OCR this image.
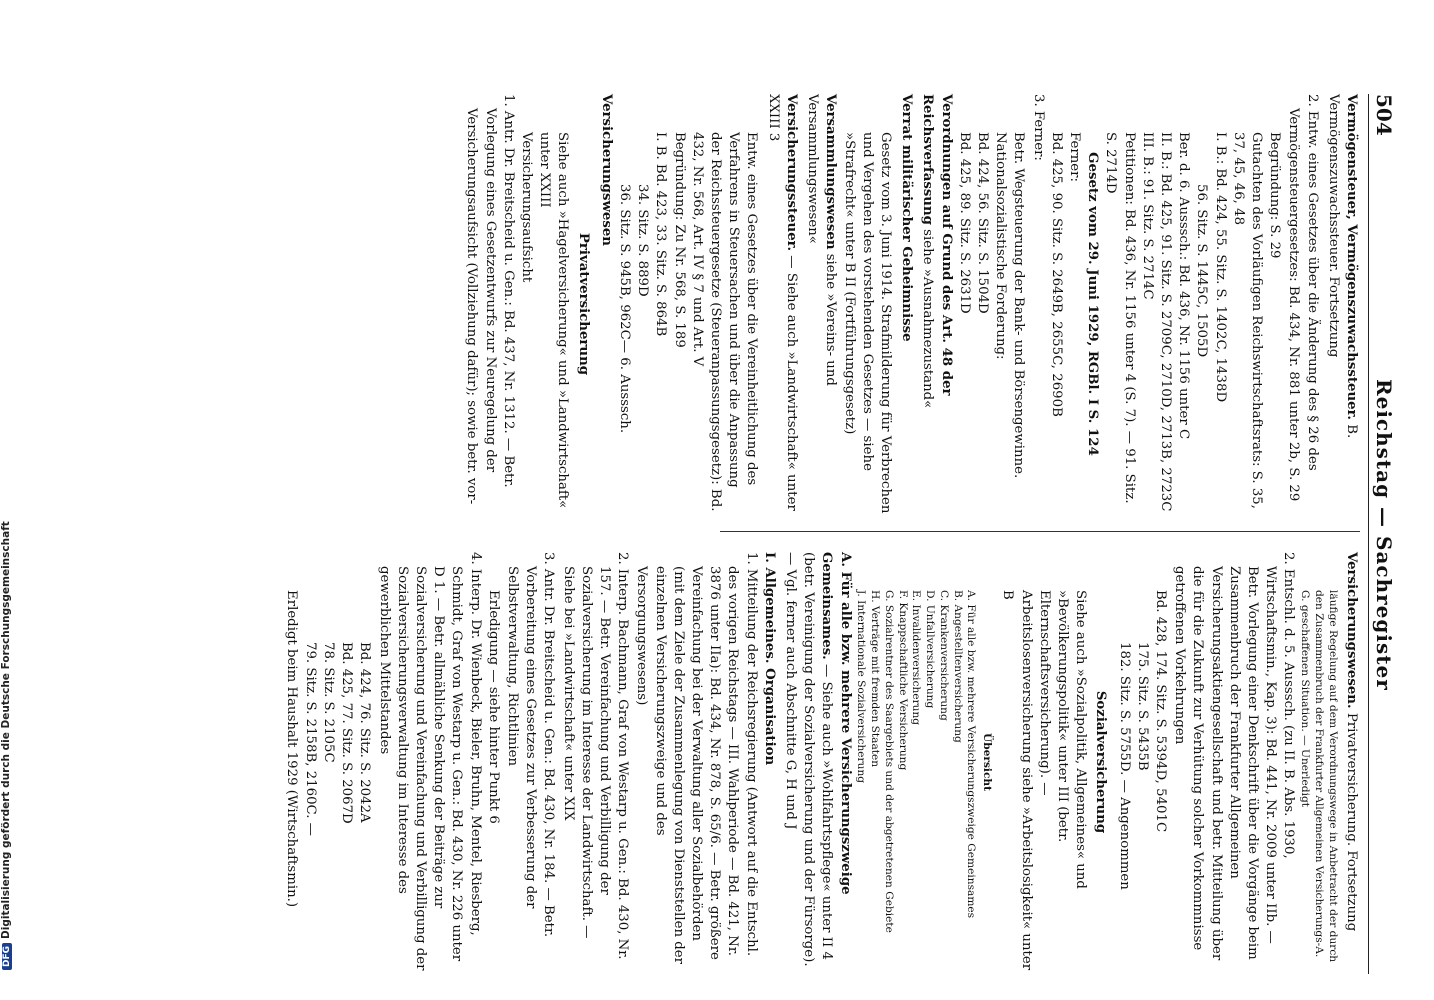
504
Reichstag — Sachregister
Vermögensteuer, Vermögenszuwachssteuer. B. Vermögenszuwachssteuer. Fortsetzung
2. Entw. eines Gesetzes über die Änderung des § 26 des Vermögensteuergesetzes: Bd. 434, Nr. 881 unter 2b, S. 29
Begründung: S. 29
Gutachten des Vorläufigen Reichswirtschaftsrats: S. 35, 37, 45, 46, 48
I. B.: Bd. 424, 55. Sitz. S. 1402C, 1438D
56. Sitz. S. 1445C, 1505D
Ber. d. 6. Ausssch.: Bd. 436, Nr. 1156 unter C
II. B.: Bd. 425, 91. Sitz. S. 2709C, 2710D, 2713B, 2723C
III. B.: 91. Sitz. S. 2714C
Petitionen: Bd. 436, Nr. 1156 unter 4 (S. 7). — 91. Sitz. S. 2714D
Gesetz vom 29. Juni 1929, RGBl. I S. 124
Ferner:
Bd. 425, 90. Sitz. S. 2649B, 2655C, 2690B
3. Ferner:
Betr. Wegsteuerung der Bank- und Börsengewinne. Nationalsozialistische Forderung:
Bd. 424, 56. Sitz. S. 1504D
Bd. 425, 89. Sitz. S. 2631D
Verordnungen auf Grund des Art. 48 der Reichsverfassung siehe »Ausnahmezustand«
Verrat militärischer Geheimnisse
Gesetz vom 3. Juni 1914. Strafmilderung für Verbrechen und Vergehen des vorstehenden Gesetzes — siehe »Strafrecht« unter B II (Fortführungsgesetz)
Versammlungswesen siehe »Vereins- und Versammlungswesen«
Versicherungssteuer. — Siehe auch »Landwirtschaft« unter XXIII 3
Entw. eines Gesetzes über die Vereinheitlichung des Verfahrens in Steuersachen und über die Anpassung der Reichssteuergesetze (Steueranpassungsgesetz): Bd. 432, Nr. 568, Art. IV § 7 und Art. V
Begründung: Zu Nr. 568, S. 189
I. B. Bd. 423, 33. Sitz. S. 864B
34. Sitz. S. 889D
36. Sitz. S. 945B, 962C— 6. Ausssch.
Versicherungswesen
Privatversicherung
Siehe auch »Hagelversicherung« und »Landwirtschaft« unter XXIII
Versicherungsaufsicht
1. Antr. Dr. Breitscheid u. Gen.: Bd. 437, Nr. 1312. — Betr. Vorlegung eines Gesetzentwurfs zur Neuregelung der Versicherungsaufsicht (Vollziehung dafür); sowie betr. vor-
Versicherungswesen. Privatversicherung. Fortsetzung
läufige Regelung auf dem Verordnungswege in Anbetracht der durch den Zusammenbruch der Frankfurter Allgemeinen Versicherungs-A. G. geschaffenen Situation. — Unerledigt
2. Entschl. d. 5. Ausssch. (zu II. B. Abs. 1930, Wirtschaftsmin., Kap. 3): Bd. 441, Nr. 2009 unter IIb. — Betr. Vorlegung einer Denkschrift über die Vorgänge beim Zusammenbruch der Frankfurter Allgemeinen Versicherungsaktiengesellschaft und betr. Mitteilung über die für die Zukunft zur Verhütung solcher Vorkommnisse getroffenen Vorkehrungen
Bd. 428, 174. Sitz. S. 5394D, 5401C
175. Sitz. S. 5435B
182. Sitz. S. 5755D. — Angenommen
Sozialversicherung
Siehe auch »Sozialpolitik, Allgemeines« und »Bevölkerungspolitik« unter III (betr. Elternschaftsversicherung). — Arbeitslosenversicherung siehe »Arbeitslosigkeit« unter B
Übersicht
A. Für alle bzw. mehrere Versicherungszweige Gemeinsames
B. Angestelltenversicherung
C. Krankenversicherung
D. Unfallversicherung
E. Invalidenversicherung
F. Knappschaftliche Versicherung
G. Sozialrentner des Saargebiets und der abgetretenen Gebiete
H. Verträge mit fremden Staaten
J. Internationale Sozialversicherung
A. Für alle bzw. mehrere Versicherungszweige Gemeinsames. — Siehe auch »Wohlfahrtspflege« unter II 4 (betr. Vereinigung der Sozialversicherung und der Fürsorge). — Vgl. ferner auch Abschnitte G, H und J
I. Allgemeines. Organisation
1. Mitteilung der Reichsregierung (Antwort auf die Entschl. des vorigen Reichstags — III. Wahlperiode — Bd. 421, Nr. 3876 unter IIa): Bd. 434, Nr. 878, S. 65/6. — Betr. größere Vereinfachung bei der Verwaltung aller Sozialbehörden (mit dem Ziele der Zusammenlegung von Dienststellen der einzelnen Versicherungszweige und des Versorgungswesens)
2. Interp. Bachmann, Graf von Westarp u. Gen.: Bd. 430, Nr. 157. — Betr. Vereinfachung und Verbilligung der Sozialversicherung im Interesse der Landwirtschaft. — Siehe bei »Landwirtschaft« unter XIX
3. Antr. Dr. Breitscheid u. Gen.: Bd. 430, Nr. 184. — Betr. Vorbereitung eines Gesetzes zur Verbesserung der Selbstverwaltung, Richtlinien
Erledigung — siehe hinter Punkt 6
4. Interp. Dr. Wienbeck, Bieler, Bruhn, Mentel, Riesberg, Schmidt, Graf von Westarp u. Gen.: Bd. 430, Nr. 226 unter D 1. — Betr. allmähliche Senkung der Beiträge zur Sozialversicherung und Vereinfachung und Verbilligung der Sozialversicherungsverwaltung im Interesse des gewerblichen Mittelstandes
Bd. 424, 76. Sitz. S. 2042A
Bd. 425, 77. Sitz. S. 2067D
78. Sitz. S. 2105C
79. Sitz. S. 2158B, 2160C. —
Erledigt beim Haushalt 1929 (Wirtschaftsmin.)
DFGDigitalisierung gefördert durch die Deutsche Forschungsgemeinschaft
